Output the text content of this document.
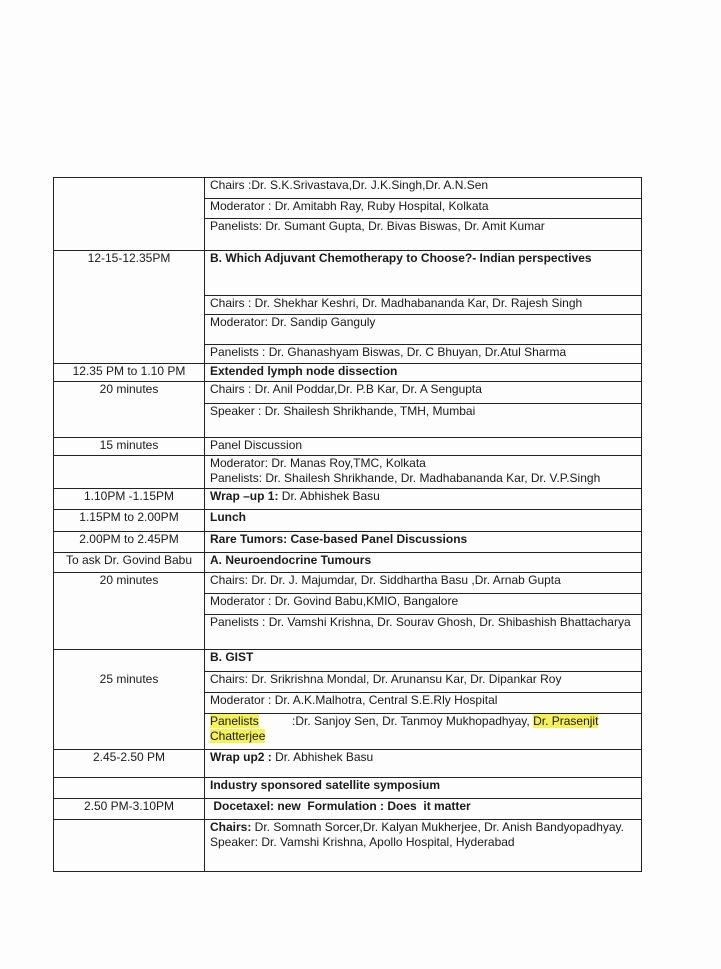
	Chairs :Dr. S.K.Srivastava,Dr. J.K.Singh,Dr. A.N.Sen

	Moderator : Dr. Amitabh Ray, Ruby Hospital, Kolkata

	Panelists: Dr. Sumant Gupta, Dr. Bivas Biswas, Dr. Amit Kumar

12-15-12.35PM	B. Which Adjuvant Chemotherapy to Choose?- Indian perspectives

	Chairs : Dr. Shekhar Keshri, Dr. Madhabananda Kar, Dr. Rajesh Singh

	Moderator: Dr. Sandip Ganguly

	Panelists : Dr. Ghanashyam Biswas, Dr. C Bhuyan, Dr.Atul Sharma

12.35 PM to 1.10 PM	Extended lymph node dissection

20 minutes	Chairs : Dr. Anil Poddar,Dr. P.B Kar, Dr. A Sengupta

	Speaker : Dr. Shailesh Shrikhande, TMH, Mumbai

15 minutes	Panel Discussion

	Moderator: Dr. Manas Roy,TMC, Kolkata
Panelists: Dr. Shailesh Shrikhande, Dr. Madhabananda Kar, Dr. V.P.Singh

1.10PM -1.15PM	Wrap –up 1: Dr. Abhishek Basu

1.15PM to 2.00PM	Lunch

2.00PM to 2.45PM	Rare Tumors: Case-based Panel Discussions

To ask Dr. Govind Babu	A. Neuroendocrine Tumours

20 minutes	Chairs: Dr. Dr. J. Majumdar, Dr. Siddhartha Basu ,Dr. Arnab Gupta

	Moderator : Dr. Govind Babu,KMIO, Bangalore

	Panelists : Dr. Vamshi Krishna, Dr. Sourav Ghosh, Dr. Shibashish Bhattacharya

25 minutes	B. GIST

	Chairs: Dr. Srikrishna Mondal, Dr. Arunansu Kar, Dr. Dipankar Roy

	Moderator : Dr. A.K.Malhotra, Central S.E.Rly Hospital

	Panelists          :Dr. Sanjoy Sen, Dr. Tanmoy Mukhopadhyay, Dr. Prasenjit Chatterjee

2.45-2.50 PM	Wrap up2 : Dr. Abhishek Basu

	Industry sponsored satellite symposium

2.50 PM-3.10PM	Docetaxel: new  Formulation : Does  it matter

	Chairs: Dr. Somnath Sorcer,Dr. Kalyan Mukherjee, Dr. Anish Bandyopadhyay.
Speaker: Dr. Vamshi Krishna, Apollo Hospital, Hyderabad
